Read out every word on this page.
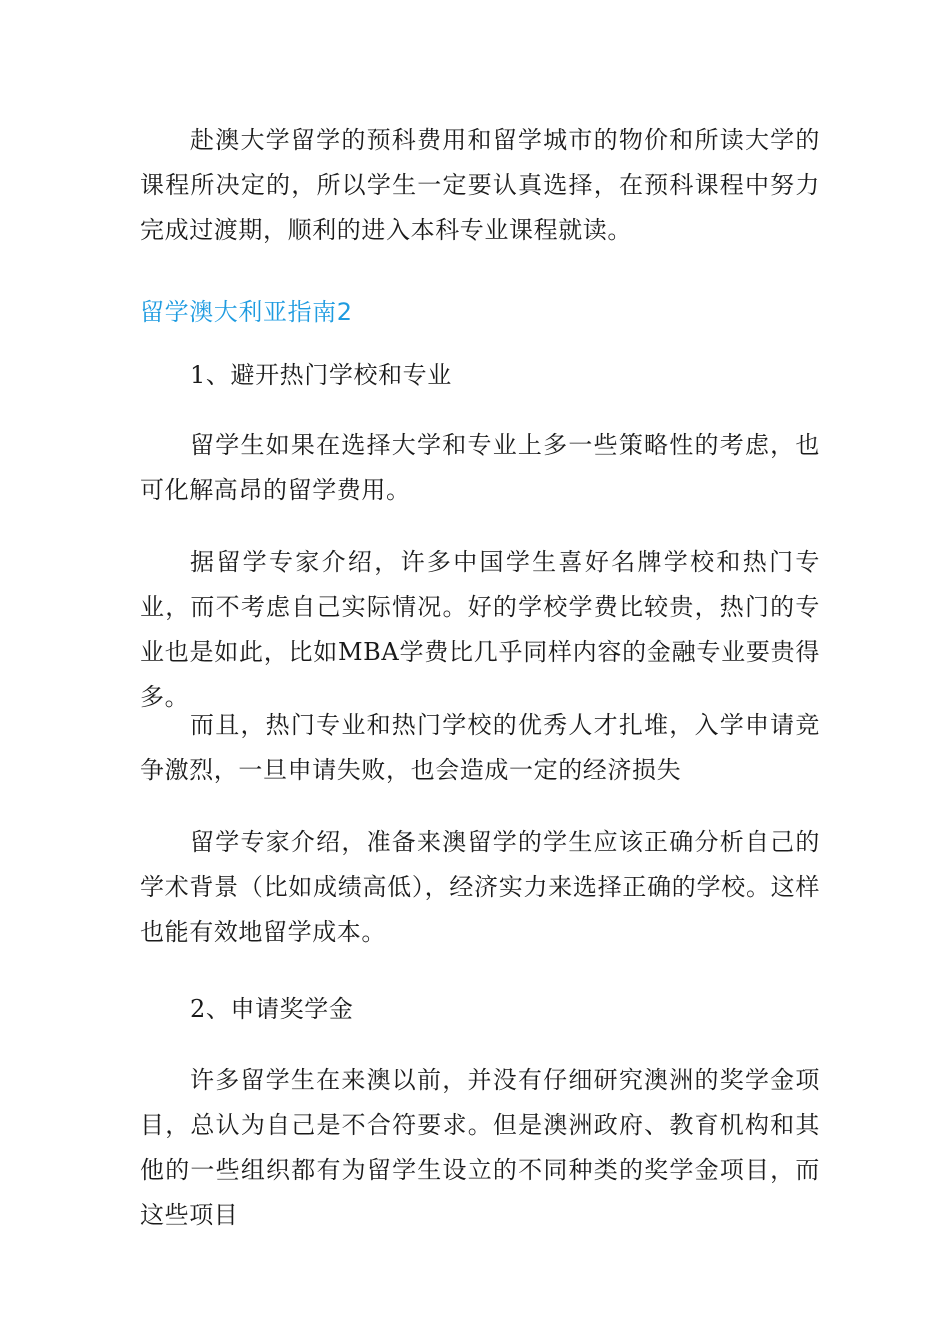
赴澳大学留学的预科费用和留学城市的物价和所读大学的课程所决定的，所以学生一定要认真选择，在预科课程中努力完成过渡期，顺利的进入本科专业课程就读。

留学澳大利亚指南2

1、避开热门学校和专业

留学生如果在选择大学和专业上多一些策略性的考虑，也可化解高昂的留学费用。

据留学专家介绍，许多中国学生喜好名牌学校和热门专业，而不考虑自己实际情况。好的学校学费比较贵，热门的专业也是如此，比如MBA学费比几乎同样内容的金融专业要贵得多。

而且，热门专业和热门学校的优秀人才扎堆，入学申请竞争激烈，一旦申请失败，也会造成一定的经济损失

留学专家介绍，准备来澳留学的学生应该正确分析自己的学术背景（比如成绩高低），经济实力来选择正确的学校。这样也能有效地留学成本。

2、申请奖学金

许多留学生在来澳以前，并没有仔细研究澳洲的奖学金项目，总认为自己是不合符要求。但是澳洲政府、教育机构和其他的一些组织都有为留学生设立的不同种类的奖学金项目，而这些项目
